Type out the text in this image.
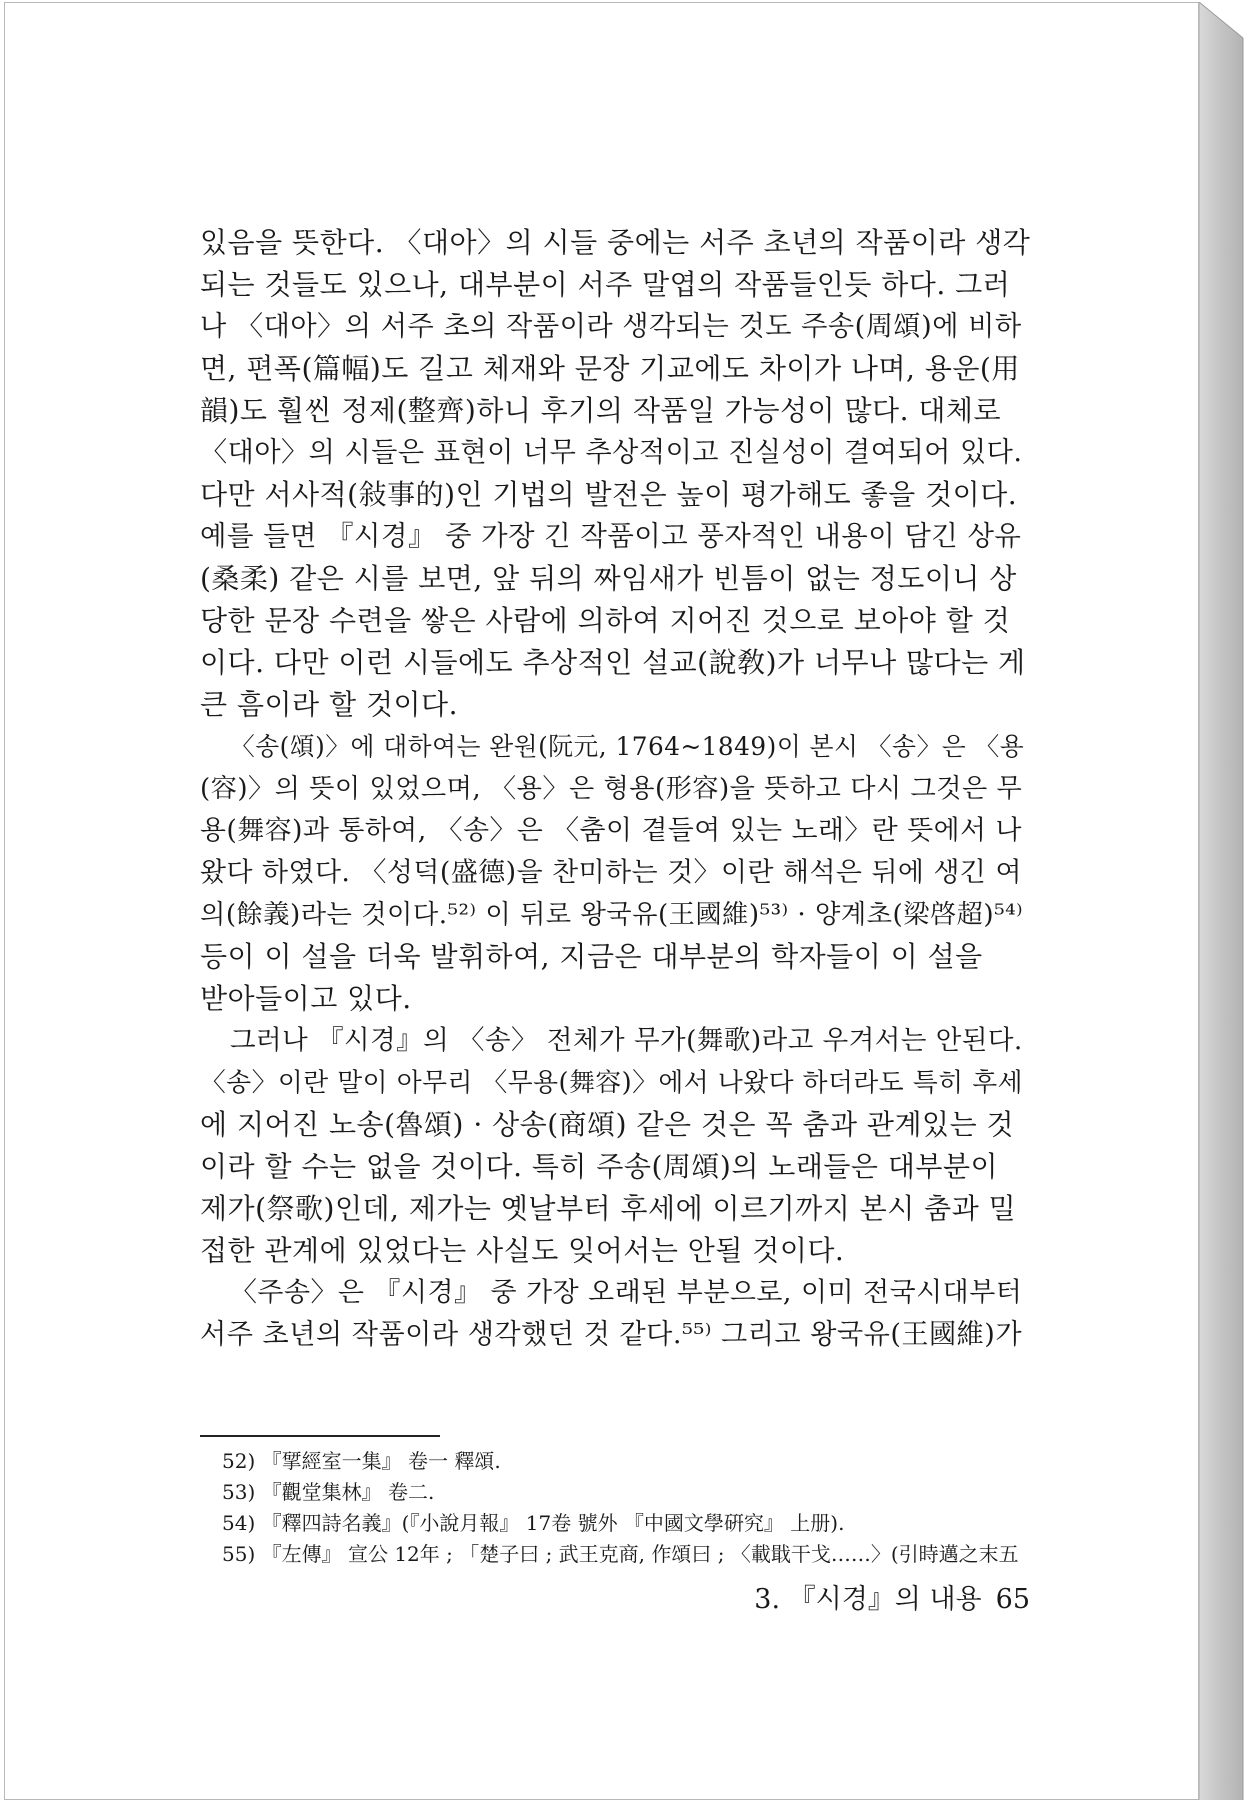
있음을 뜻한다. 〈대아〉의 시들 중에는 서주 초년의 작품이라 생각
되는 것들도 있으나, 대부분이 서주 말엽의 작품들인듯 하다. 그러
나 〈대아〉의 서주 초의 작품이라 생각되는 것도 주송(周頌)에 비하
면, 편폭(篇幅)도 길고 체재와 문장 기교에도 차이가 나며, 용운(用
韻)도 훨씬 정제(整齊)하니 후기의 작품일 가능성이 많다. 대체로
〈대아〉의 시들은 표현이 너무 추상적이고 진실성이 결여되어 있다.
다만 서사적(敍事的)인 기법의 발전은 높이 평가해도 좋을 것이다.
예를 들면 『시경』 중 가장 긴 작품이고 풍자적인 내용이 담긴 상유
(桑柔) 같은 시를 보면, 앞 뒤의 짜임새가 빈틈이 없는 정도이니 상
당한 문장 수련을 쌓은 사람에 의하여 지어진 것으로 보아야 할 것
이다. 다만 이런 시들에도 추상적인 설교(說敎)가 너무나 많다는 게
큰 흠이라 할 것이다.
〈송(頌)〉에 대하여는 완원(阮元, 1764~1849)이 본시 〈송〉은 〈용
(容)〉의 뜻이 있었으며, 〈용〉은 형용(形容)을 뜻하고 다시 그것은 무
용(舞容)과 통하여, 〈송〉은 〈춤이 곁들여 있는 노래〉란 뜻에서 나
왔다 하였다. 〈성덕(盛德)을 찬미하는 것〉이란 해석은 뒤에 생긴 여
의(餘義)라는 것이다.⁵²⁾ 이 뒤로 왕국유(王國維)⁵³⁾ · 양계초(梁啓超)⁵⁴⁾
등이 이 설을 더욱 발휘하여, 지금은 대부분의 학자들이 이 설을
받아들이고 있다.
그러나 『시경』의 〈송〉 전체가 무가(舞歌)라고 우겨서는 안된다.
〈송〉이란 말이 아무리 〈무용(舞容)〉에서 나왔다 하더라도 특히 후세
에 지어진 노송(魯頌) · 상송(商頌) 같은 것은 꼭 춤과 관계있는 것
이라 할 수는 없을 것이다. 특히 주송(周頌)의 노래들은 대부분이
제가(祭歌)인데, 제가는 옛날부터 후세에 이르기까지 본시 춤과 밀
접한 관계에 있었다는 사실도 잊어서는 안될 것이다.
〈주송〉은 『시경』 중 가장 오래된 부분으로, 이미 전국시대부터
서주 초년의 작품이라 생각했던 것 같다.⁵⁵⁾ 그리고 왕국유(王國維)가
52) 『揅經室一集』 卷一 釋頌.
53) 『觀堂集林』 卷二.
54) 『釋四詩名義』(『小說月報』 17卷 號外 『中國文學硏究』 上册).
55) 『左傳』 宣公 12年 ; 「楚子曰 ; 武王克商, 作頌曰 ; 〈載戢干戈……〉(引時邁之末五
3. 『시경』의 내용 65
